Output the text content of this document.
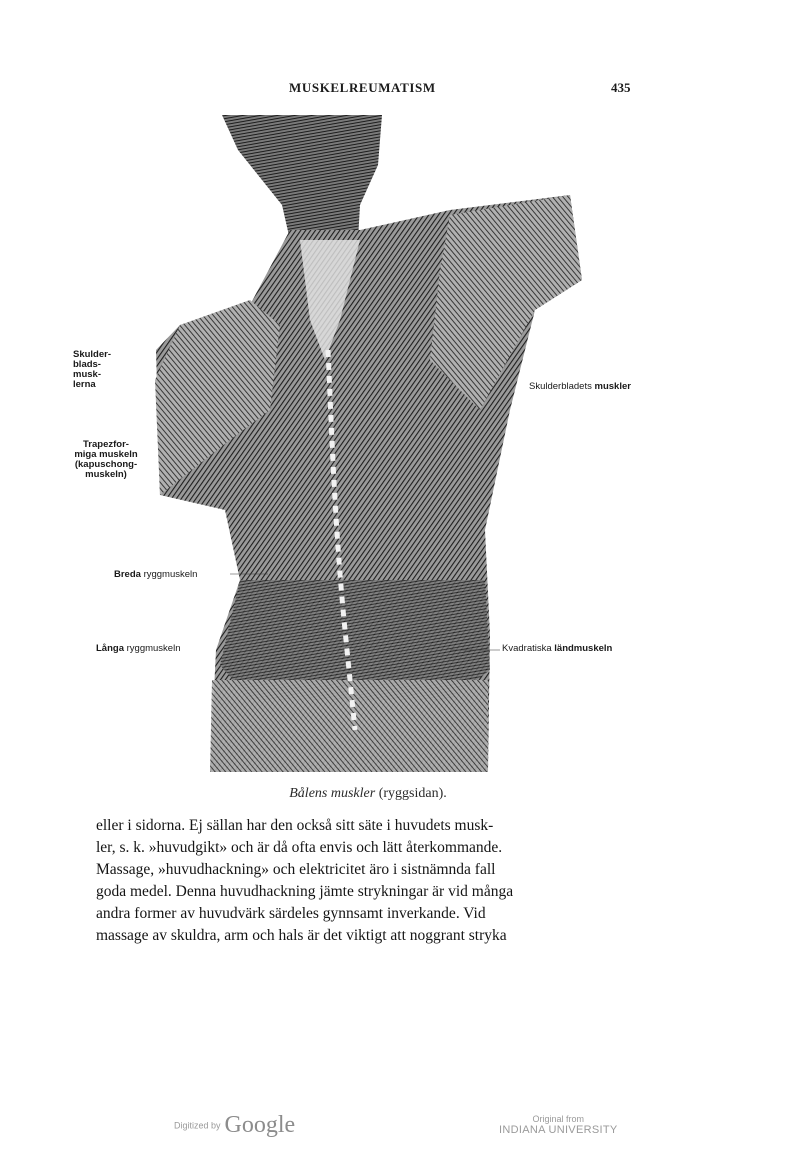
MUSKELREUMATISM	435
Skulder-
blads-
musk-
lerna
Trapezfor-
miga muskeln
(kapuschong-
muskeln)
Breda ryggmuskeln
Långa ryggmuskeln
Skulderbladets muskler
Kvadratiska ländmuskeln
Bålens muskler (ryggsidan).

eller i sidorna. Ej sällan har den också sitt säte i huvudets musk-

ler, s. k. »huvudgikt» och är då ofta envis och lätt återkommande.

Massage, »huvudhackning» och elektricitet äro i sistnämnda fall

goda medel. Denna huvudhackning jämte strykningar är vid många

andra former av huvudvärk särdeles gynnsamt inverkande. Vid

massage av skuldra, arm och hals är det viktigt att noggrant stryka

Digitized by Google	Original from
INDIANA UNIVERSITY
